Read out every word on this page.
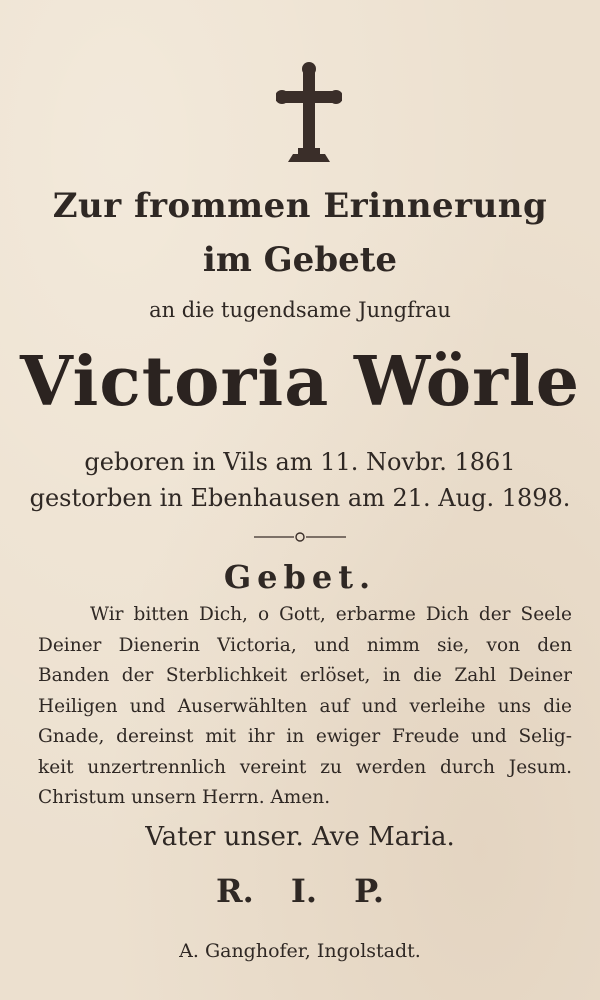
Zur frommen Erinnerung
im Gebete
an die tugendsame Jungfrau
Victoria Wörle
geboren in Vils am 11. Novbr. 1861
gestorben in Ebenhausen am 21. Aug. 1898.
Gebet.
Wir bitten Dich, o Gott, erbarme Dich der Seele
Deiner Dienerin Victoria, und nimm sie, von den
Banden der Sterblichkeit erlöset, in die Zahl Deiner
Heiligen und Auserwählten auf und verleihe uns die
Gnade, dereinst mit ihr in ewiger Freude und Selig-
keit unzertrennlich vereint zu werden durch Jesum.
Christum unsern Herrn. Amen.
Vater unser. Ave Maria.
R. I. P.
A. Ganghofer, Ingolstadt.
